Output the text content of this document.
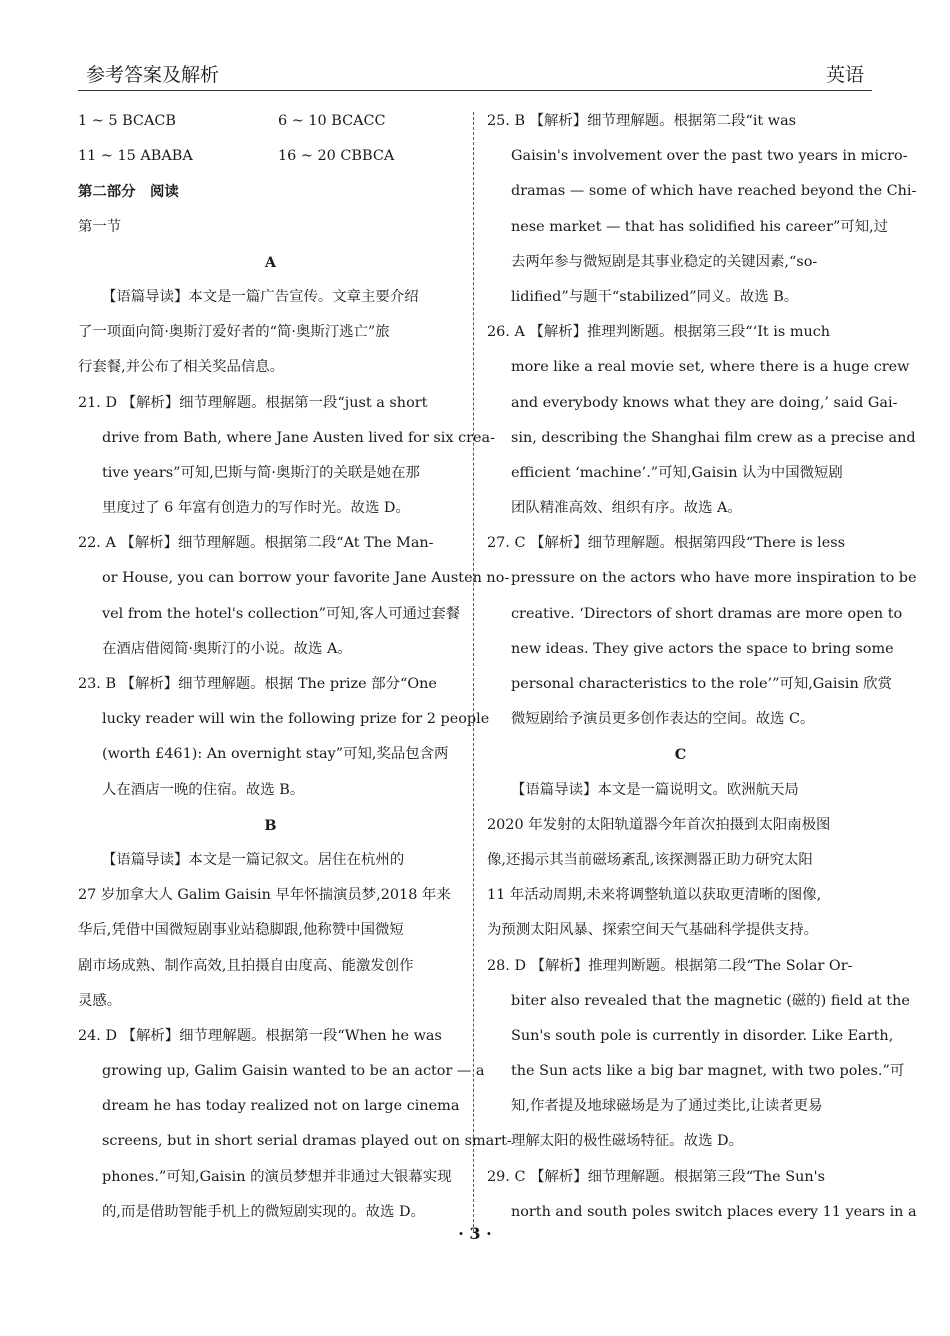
参考答案及解析	英语
1 ~ 5 BCACB	6 ~ 10 BCACC
11 ~ 15 ABABA	16 ~ 20 CBBCA
第二部分　阅读
第一节
A
【语篇导读】本文是一篇广告宣传。文章主要介绍
了一项面向简·奥斯汀爱好者的“简·奥斯汀逃亡”旅
行套餐,并公布了相关奖品信息。
21. D 【解析】细节理解题。根据第一段“just a short
drive from Bath, where Jane Austen lived for six crea-
tive years”可知,巴斯与简·奥斯汀的关联是她在那
里度过了 6 年富有创造力的写作时光。故选 D。
22. A 【解析】细节理解题。根据第二段“At The Man-
or House, you can borrow your favorite Jane Austen no-
vel from the hotel's collection”可知,客人可通过套餐
在酒店借阅简·奥斯汀的小说。故选 A。
23. B 【解析】细节理解题。根据 The prize 部分“One
lucky reader will win the following prize for 2 people
(worth £461): An overnight stay”可知,奖品包含两
人在酒店一晚的住宿。故选 B。
B
【语篇导读】本文是一篇记叙文。居住在杭州的
27 岁加拿大人 Galim Gaisin 早年怀揣演员梦,2018 年来
华后,凭借中国微短剧事业站稳脚跟,他称赞中国微短
剧市场成熟、制作高效,且拍摄自由度高、能激发创作
灵感。
24. D 【解析】细节理解题。根据第一段“When he was
growing up, Galim Gaisin wanted to be an actor — a
dream he has today realized not on large cinema
screens, but in short serial dramas played out on smart-
phones.”可知,Gaisin 的演员梦想并非通过大银幕实现
的,而是借助智能手机上的微短剧实现的。故选 D。
25. B 【解析】细节理解题。根据第二段“it was
Gaisin's involvement over the past two years in micro-
dramas — some of which have reached beyond the Chi-
nese market — that has solidified his career”可知,过
去两年参与微短剧是其事业稳定的关键因素,“so-
lidified”与题干“stabilized”同义。故选 B。
26. A 【解析】推理判断题。根据第三段“‘It is much
more like a real movie set, where there is a huge crew
and everybody knows what they are doing,’ said Gai-
sin, describing the Shanghai film crew as a precise and
efficient ‘machine’.”可知,Gaisin 认为中国微短剧
团队精准高效、组织有序。故选 A。
27. C 【解析】细节理解题。根据第四段“There is less
pressure on the actors who have more inspiration to be
creative. ‘Directors of short dramas are more open to
new ideas. They give actors the space to bring some
personal characteristics to the role’”可知,Gaisin 欣赏
微短剧给予演员更多创作表达的空间。故选 C。
C
【语篇导读】本文是一篇说明文。欧洲航天局
2020 年发射的太阳轨道器今年首次拍摄到太阳南极图
像,还揭示其当前磁场紊乱,该探测器正助力研究太阳
11 年活动周期,未来将调整轨道以获取更清晰的图像,
为预测太阳风暴、探索空间天气基础科学提供支持。
28. D 【解析】推理判断题。根据第二段“The Solar Or-
biter also revealed that the magnetic (磁的) field at the
Sun's south pole is currently in disorder. Like Earth,
the Sun acts like a big bar magnet, with two poles.”可
知,作者提及地球磁场是为了通过类比,让读者更易
理解太阳的极性磁场特征。故选 D。
29. C 【解析】细节理解题。根据第三段“The Sun's
north and south poles switch places every 11 years in a
· 3 ·
